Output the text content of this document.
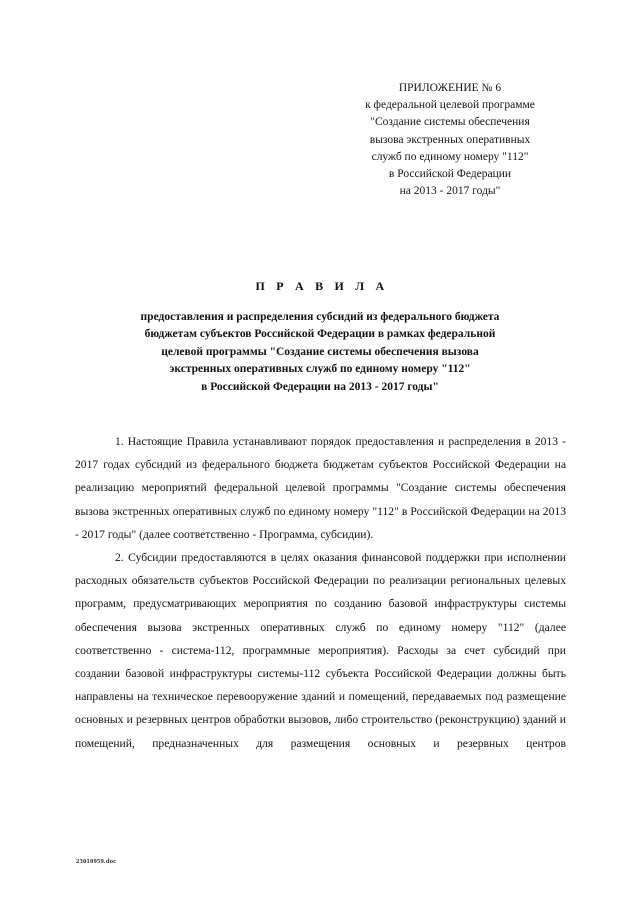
ПРИЛОЖЕНИЕ № 6
к федеральной целевой программе
"Создание системы обеспечения
вызова экстренных оперативных
служб по единому номеру "112"
в Российской Федерации
на 2013 - 2017 годы"
П Р А В И Л А
предоставления и распределения субсидий из федерального бюджета
бюджетам субъектов Российской Федерации в рамках федеральной
целевой программы "Создание системы обеспечения вызова
экстренных оперативных служб по единому номеру "112"
в Российской Федерации на 2013 - 2017 годы"

1. Настоящие Правила устанавливают порядок предоставления и распределения в 2013 - 2017 годах субсидий из федерального бюджета бюджетам субъектов Российской Федерации на реализацию мероприятий федеральной целевой программы "Создание системы обеспечения вызова экстренных оперативных служб по единому номеру "112" в Российской Федерации на 2013 - 2017 годы" (далее соответственно - Программа, субсидии).

2. Субсидии предоставляются в целях оказания финансовой поддержки при исполнении расходных обязательств субъектов Российской Федерации по реализации региональных целевых программ, предусматривающих мероприятия по созданию базовой инфраструктуры системы обеспечения вызова экстренных оперативных служб по единому номеру "112" (далее соответственно - система-112, программные мероприятия). Расходы за счет субсидий при создании базовой инфраструктуры системы-112 субъекта Российской Федерации должны быть направлены на техническое перевооружение зданий и помещений, передаваемых под размещение основных и резервных центров обработки вызовов, либо строительство (реконструкцию) зданий и помещений, предназначенных для размещения основных и резервных центров

23010959.doc
